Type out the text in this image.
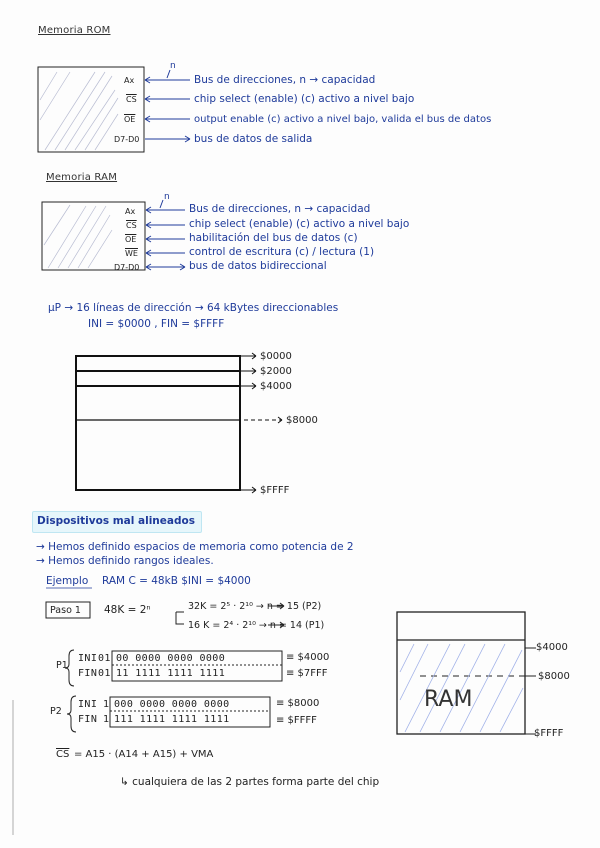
Memoria ROM
Ax
$\overline{CS}$
$\overline{OE}$
D7-D0
n
Bus de direcciones, n → capacidad
chip select (enable) (c) activo a nivel bajo
output enable (c) activo a nivel bajo, valida el bus de datos
bus de datos de salida
Memoria RAM
Ax
$\overline{CS}$
$\overline{OE}$
$\overline{WE}$
D7-D0
n
Bus de direcciones, n → capacidad
chip select (enable) (c) activo a nivel bajo
habilitación del bus de datos (c)
control de escritura (c) / lectura (1)
bus de datos bidireccional
μP → 16 líneas de dirección → 64 kBytes direccionables
INI = $0000 , FIN = $FFFF
$0000
$2000
$4000
$8000
$FFFF
Dispositivos mal alineados
→ Hemos definido espacios de memoria como potencia de 2
→ Hemos definido rangos ideales.
Ejemplo RAM C = 48kB $INI = $4000
Paso 1 48K = 2ⁿ	32K = 2⁵ · 2¹⁰ → n = 15 (P2)
16 K = 2⁴ · 2¹⁰ → n = 14 (P1)
P1
INI
FIN
01 00 0000 0000 0000
01 11 1111 1111 1111
≡ $4000
≡ $7FFF
P2
INI
FIN
1 000 0000 0000 0000
1 111 1111 1111 1111
≡ $8000
≡ $FFFF
$\overline{CS} = A15 \cdot (A14 + A15)$ + VMA
↳ cualquiera de las 2 partes forma parte del chip
RAM
$4000
$8000
$FFFF
